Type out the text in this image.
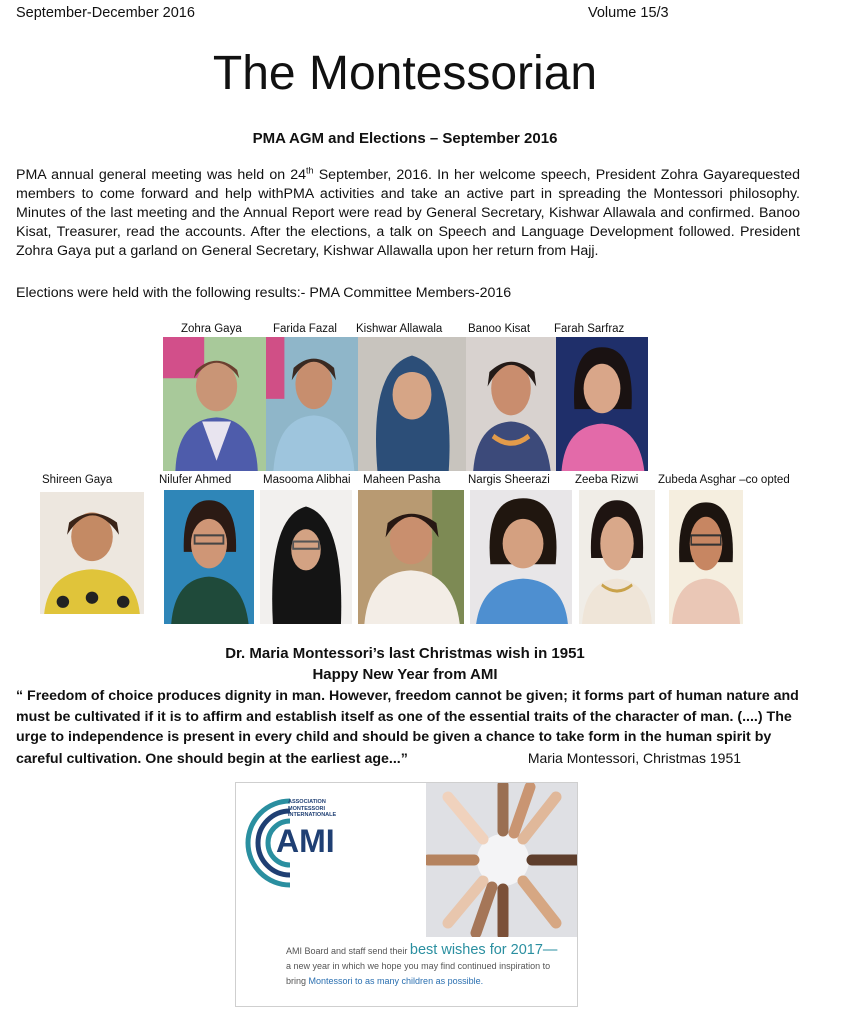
September-December 2016	Volume 15/3
The Montessorian
PMA AGM and Elections – September 2016
PMA annual general meeting was held on 24th September, 2016. In her welcome speech, President Zohra Gayarequested members to come forward and help withPMA activities and take an active part in spreading the Montessori philosophy. Minutes of the last meeting and the Annual Report were read by General Secretary, Kishwar Allawala and confirmed. Banoo Kisat, Treasurer, read the accounts. After the elections, a talk on Speech and Language Development followed. President Zohra Gaya put a garland on General Secretary, Kishwar Allawalla upon her return from Hajj.
Elections were held with the following results:- PMA Committee Members-2016
Zohra Gaya	Farida Fazal Kishwar Allawala Banoo Kisat Farah Sarfraz
Shireen Gaya	Nilufer Ahmed	Masooma Alibhai Maheen Pasha Nargis Sheerazi Zeeba Rizwi Zubeda Asghar –co opted
Dr. Maria Montessori’s last Christmas wish in 1951
Happy New Year from AMI
“ Freedom of choice produces dignity in man. However, freedom cannot be given; it forms part of human nature and must be cultivated if it is to affirm and establish itself as one of the essential traits of the character of man. (....) The urge to independence is present in every child and should be given a chance to take form in the human spirit by careful cultivation. One should begin at the earliest age...”	Maria Montessori, Christmas 1951
ASSOCIATION
MONTESSORI
INTERNATIONALE
AMI
AMI Board and staff send their best wishes for 2017—
a new year in which we hope you may find continued inspiration to
bring Montessori to as many children as possible.
